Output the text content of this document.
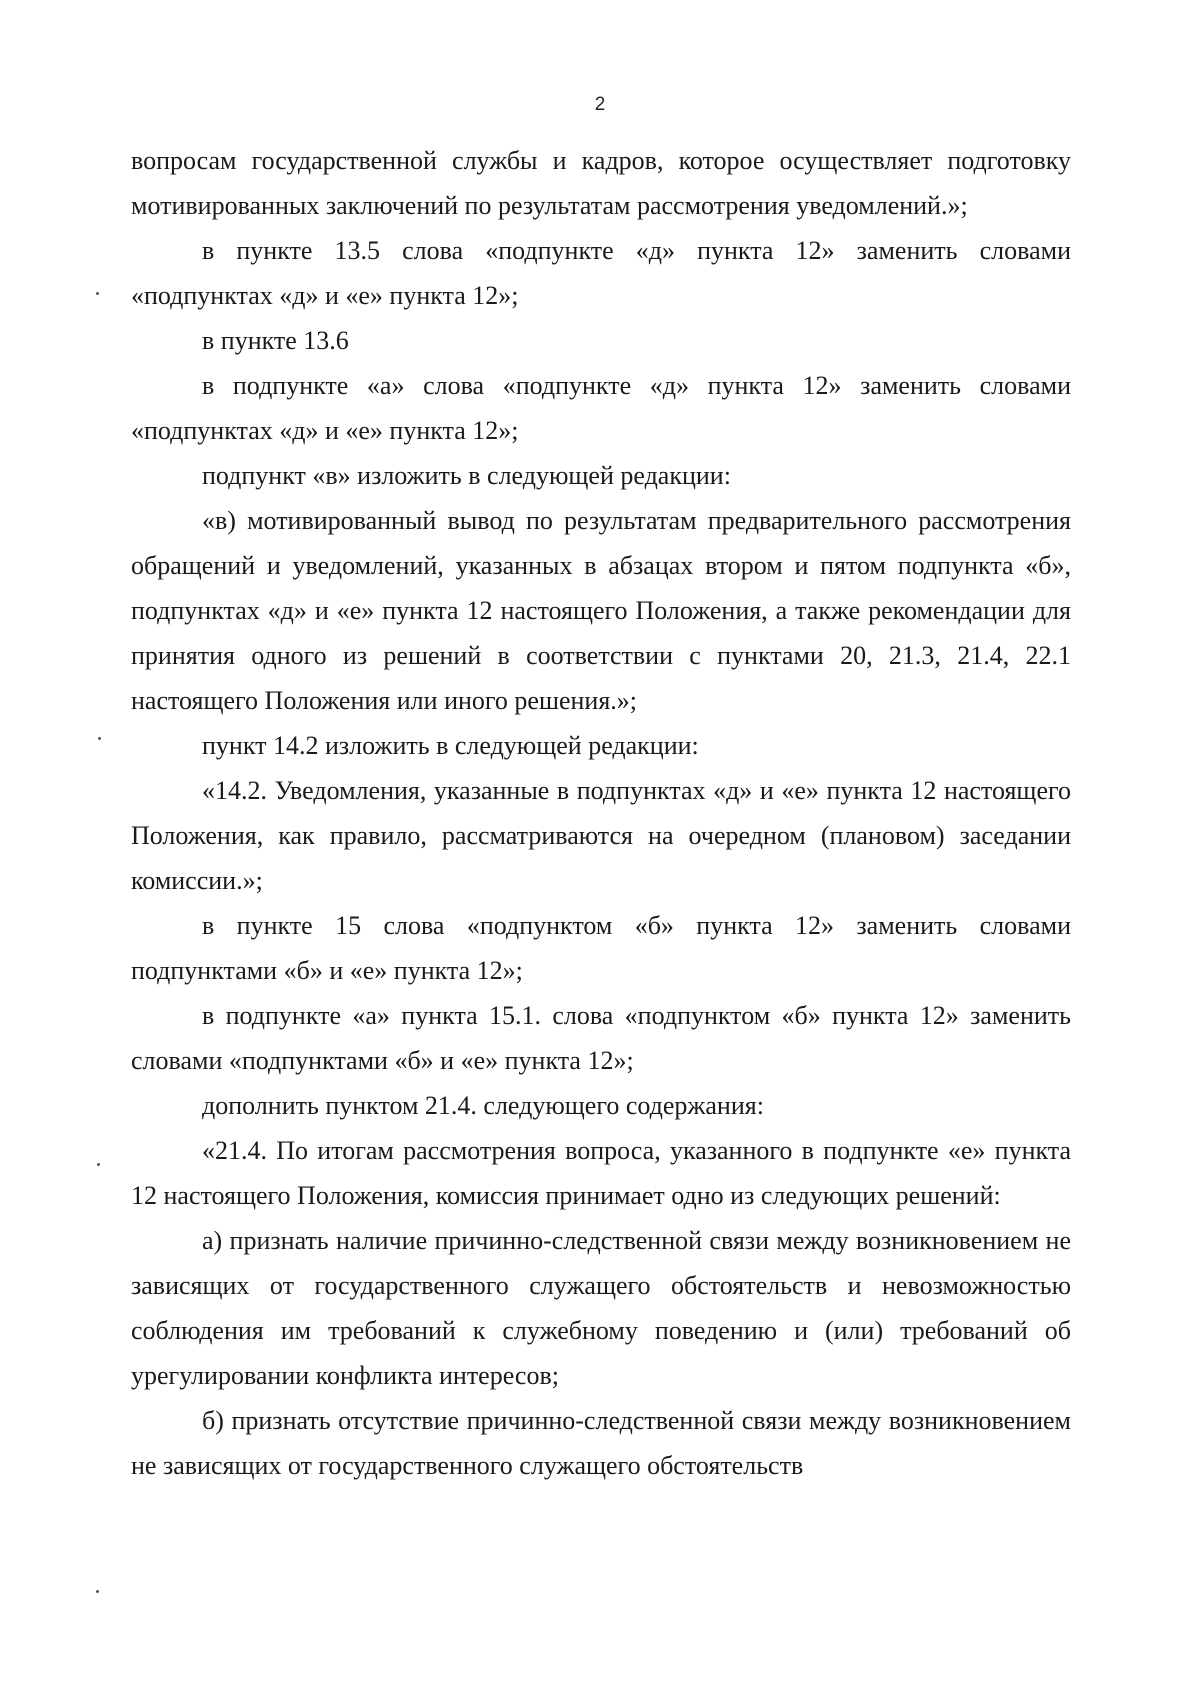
2

вопросам государственной службы и кадров, которое осуществляет подготовку мотивированных заключений по результатам рассмотрения уведомлений.»;

в пункте 13.5 слова «подпункте «д» пункта 12» заменить словами «подпунктах «д» и «е» пункта 12»;

в пункте 13.6

в подпункте «а» слова «подпункте «д» пункта 12» заменить словами «подпунктах «д» и «е» пункта 12»;

подпункт «в» изложить в следующей редакции:

«в) мотивированный вывод по результатам предварительного рассмотрения обращений и уведомлений, указанных в абзацах втором и пятом подпункта «б», подпунктах «д» и «е» пункта 12 настоящего Положения, а также рекомендации для принятия одного из решений в соответствии с пунктами 20, 21.3, 21.4, 22.1 настоящего Положения или иного решения.»;

пункт 14.2 изложить в следующей редакции:

«14.2. Уведомления, указанные в подпунктах «д» и «е» пункта 12 настоящего Положения, как правило, рассматриваются на очередном (плановом) заседании комиссии.»;

в пункте 15 слова «подпунктом «б» пункта 12» заменить словами подпунктами «б» и «е» пункта 12»;

в подпункте «а» пункта 15.1. слова «подпунктом «б» пункта 12» заменить словами «подпунктами «б» и «е» пункта 12»;

дополнить пунктом 21.4. следующего содержания:

«21.4. По итогам рассмотрения вопроса, указанного в подпункте «е» пункта 12 настоящего Положения, комиссия принимает одно из следующих решений:

а) признать наличие причинно-следственной связи между возникновением не зависящих от государственного служащего обстоятельств и невозможностью соблюдения им требований к служебному поведению и (или) требований об урегулировании конфликта интересов;

б) признать отсутствие причинно-следственной связи между возникновением не зависящих от государственного служащего обстоятельств
